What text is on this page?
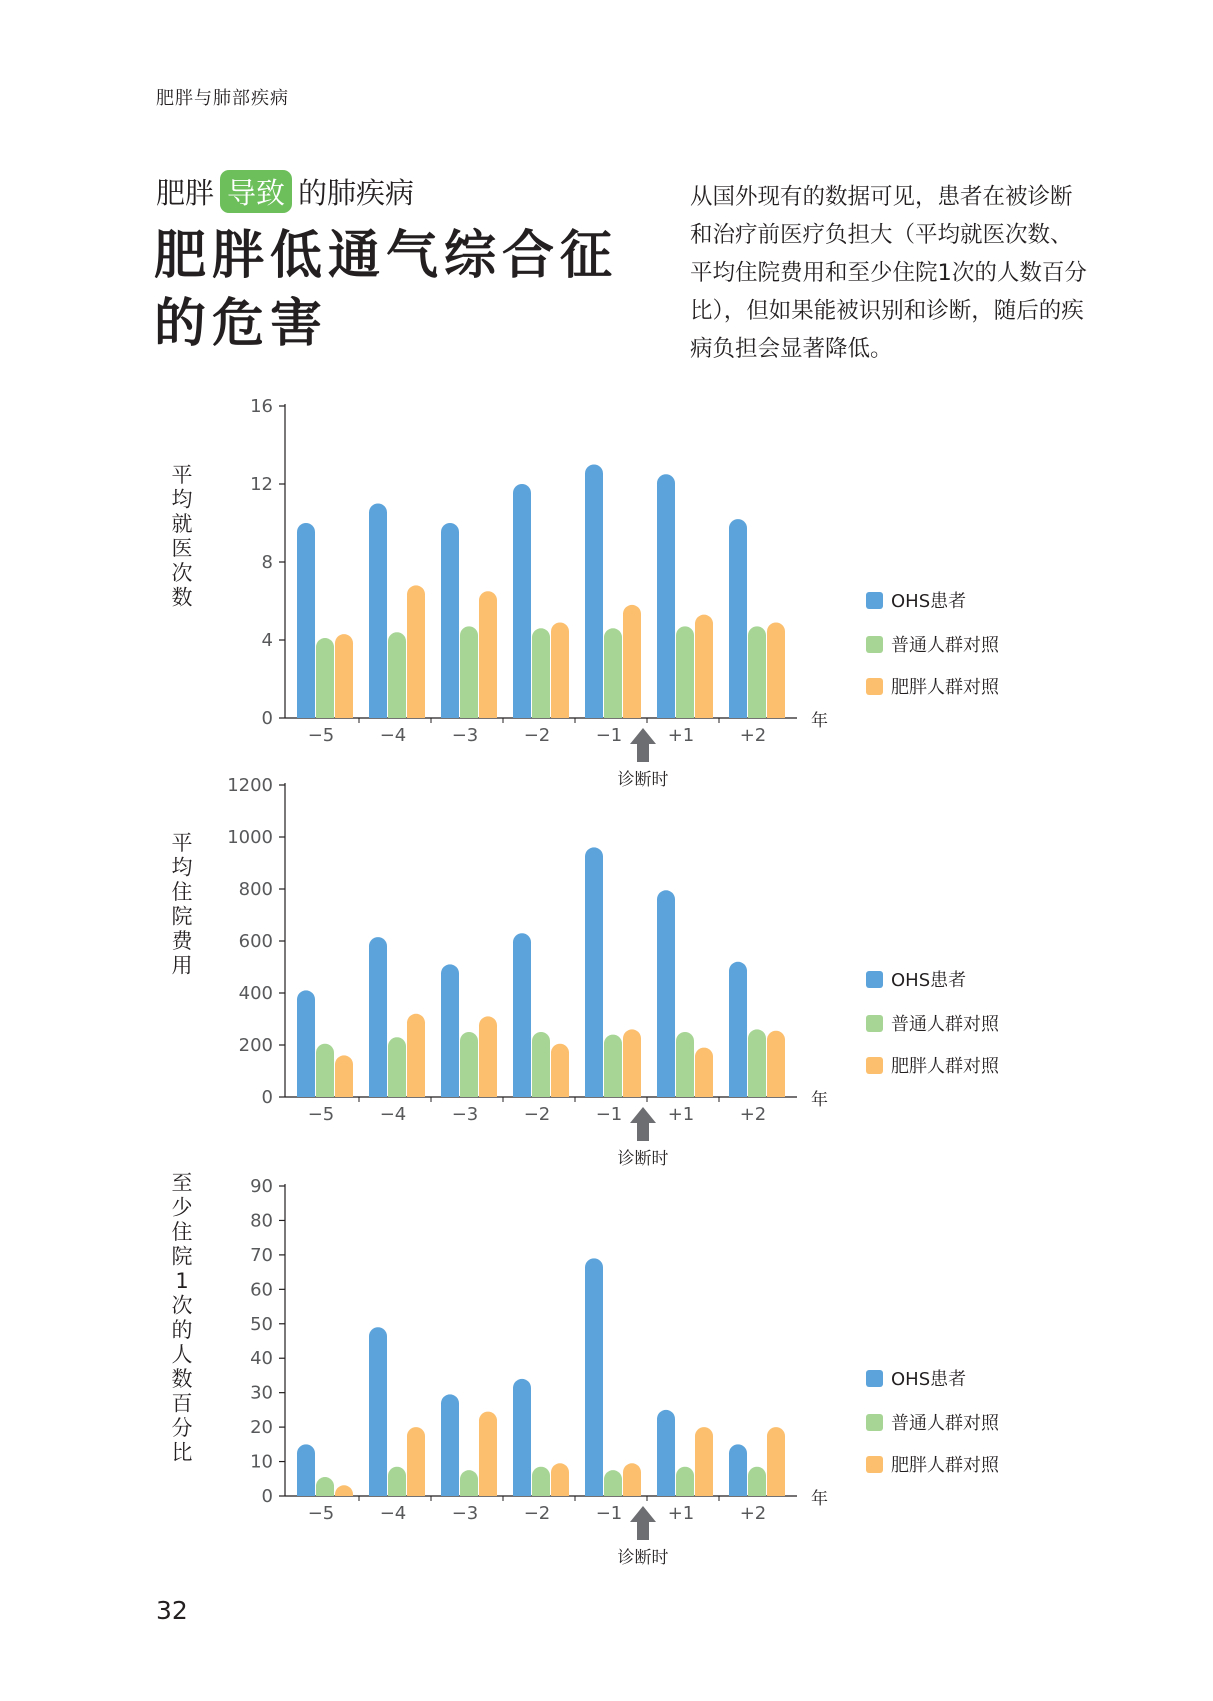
肥胖与肺部疾病
肥胖 导致 的肺疾病
肥胖低通气综合征
的危害
从国外现有的数据可见，患者在被诊断和治疗前医疗负担大（平均就医次数、平均住院费用和至少住院1次的人数百分比），但如果能被识别和诊断，随后的疾病负担会显著降低。
平
均
就
医
次
数
0
4
8
12
16
年
−5	−4	−3	−2	−1	+1	+2
诊断时
OHS患者
普通人群对照
肥胖人群对照
平
均
住
院
费
用
0
200
400
600
800
1000
1200
年
−5	−4	−3	−2	−1	+1	+2
诊断时
OHS患者
普通人群对照
肥胖人群对照
至
少
住
院
1
次
的
人
数
百
分
比
0
10
20
30
40
50
60
70
80
90
年
−5	−4	−3	−2	−1	+1	+2
诊断时
OHS患者
普通人群对照
肥胖人群对照
32
